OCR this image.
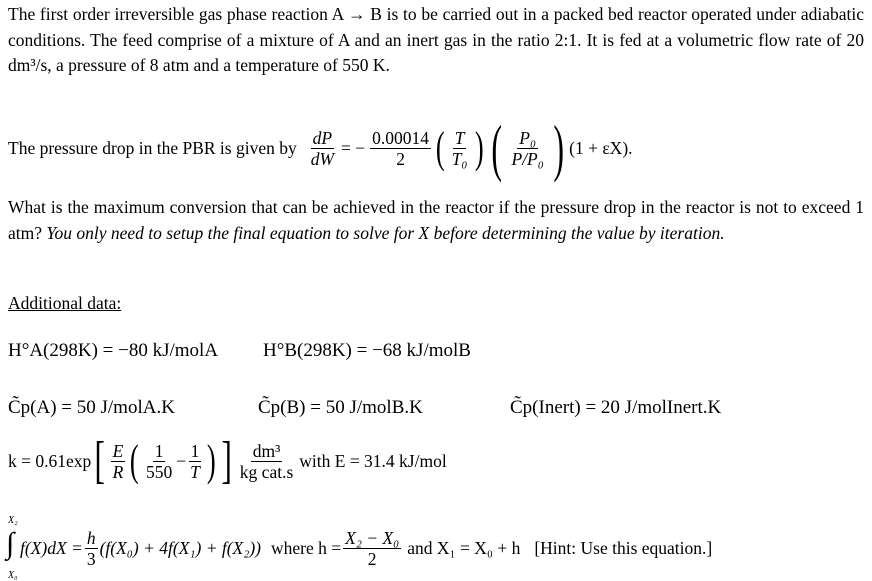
The first order irreversible gas phase reaction A → B is to be carried out in a packed bed reactor operated under adiabatic conditions. The feed comprise of a mixture of A and an inert gas in the ratio 2:1. It is fed at a volumetric flow rate of 20 dm³/s, a pressure of 8 atm and a temperature of 550 K.
The pressure drop in the PBR is given by $\frac{dP}{dW}$ = − $\frac{0.00014}{2}$ ( $\frac{T}{\text{T₀}}$ ) ( $\frac{\text{P₀}}{\text{P/P₀}}$ ) (1 + εX).
What is the maximum conversion that can be achieved in the reactor if the pressure drop in the reactor is not to exceed 1 atm? You only need to setup the final equation to solve for X before determining the value by iteration.
Additional data:
H°A(298K) = −80 kJ/molA H°B(298K) = −68 kJ/molB
C̃p(A) = 50 J/molA.K	C̃p(B) = 50 J/molB.K	C̃p(Inert) = 20 J/molInert.K
k = 0.61exp [ $\frac{E}{R}$ ( $\frac{1}{550} - \frac{1}{T}$ ) ] $\frac{\text{dm³}}{\text{kg cat.s}}$ with E = 31.4 kJ/mol
X₂
∫
X₀
$f(X)dX = \frac{h}{3} (f(X_0) + 4f(X_1) + f(X_2))$ where $h = \frac{\text{X₂ − X₀}}{2}$ and X₁ = X₀ + h [Hint: Use this equation.]
